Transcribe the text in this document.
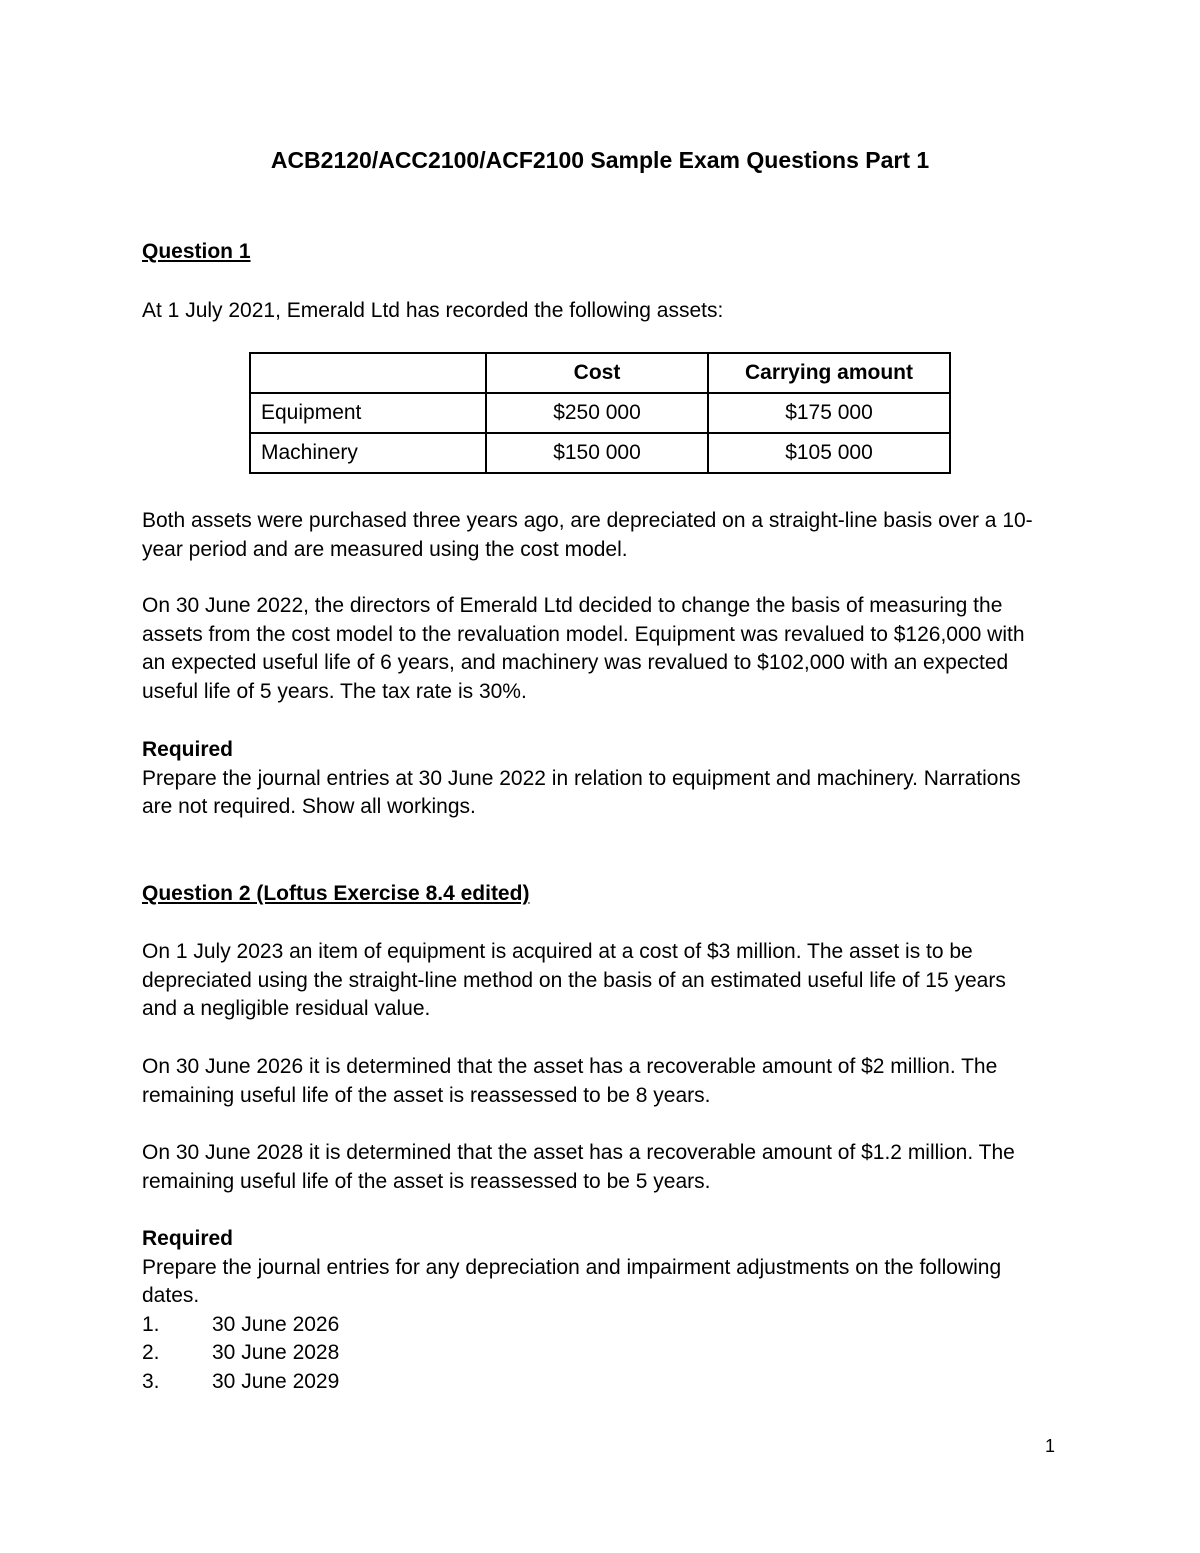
ACB2120/ACC2100/ACF2100 Sample Exam Questions Part 1
Question 1
At 1 July 2021, Emerald Ltd has recorded the following assets:
	Cost	Carrying amount
Equipment	$250 000	$175 000
Machinery	$150 000	$105 000
Both assets were purchased three years ago, are depreciated on a straight-line basis over a 10-
year period and are measured using the cost model.
On 30 June 2022, the directors of Emerald Ltd decided to change the basis of measuring the
assets from the cost model to the revaluation model. Equipment was revalued to $126,000 with
an expected useful life of 6 years, and machinery was revalued to $102,000 with an expected
useful life of 5 years. The tax rate is 30%.
Required
Prepare the journal entries at 30 June 2022 in relation to equipment and machinery. Narrations
are not required. Show all workings.
Question 2 (Loftus Exercise 8.4 edited)
On 1 July 2023 an item of equipment is acquired at a cost of $3 million. The asset is to be
depreciated using the straight-line method on the basis of an estimated useful life of 15 years
and a negligible residual value.
On 30 June 2026 it is determined that the asset has a recoverable amount of $2 million. The
remaining useful life of the asset is reassessed to be 8 years.
On 30 June 2028 it is determined that the asset has a recoverable amount of $1.2 million. The
remaining useful life of the asset is reassessed to be 5 years.
Required
Prepare the journal entries for any depreciation and impairment adjustments on the following
dates.
1.	30 June 2026
2.	30 June 2028
3.	30 June 2029
1
